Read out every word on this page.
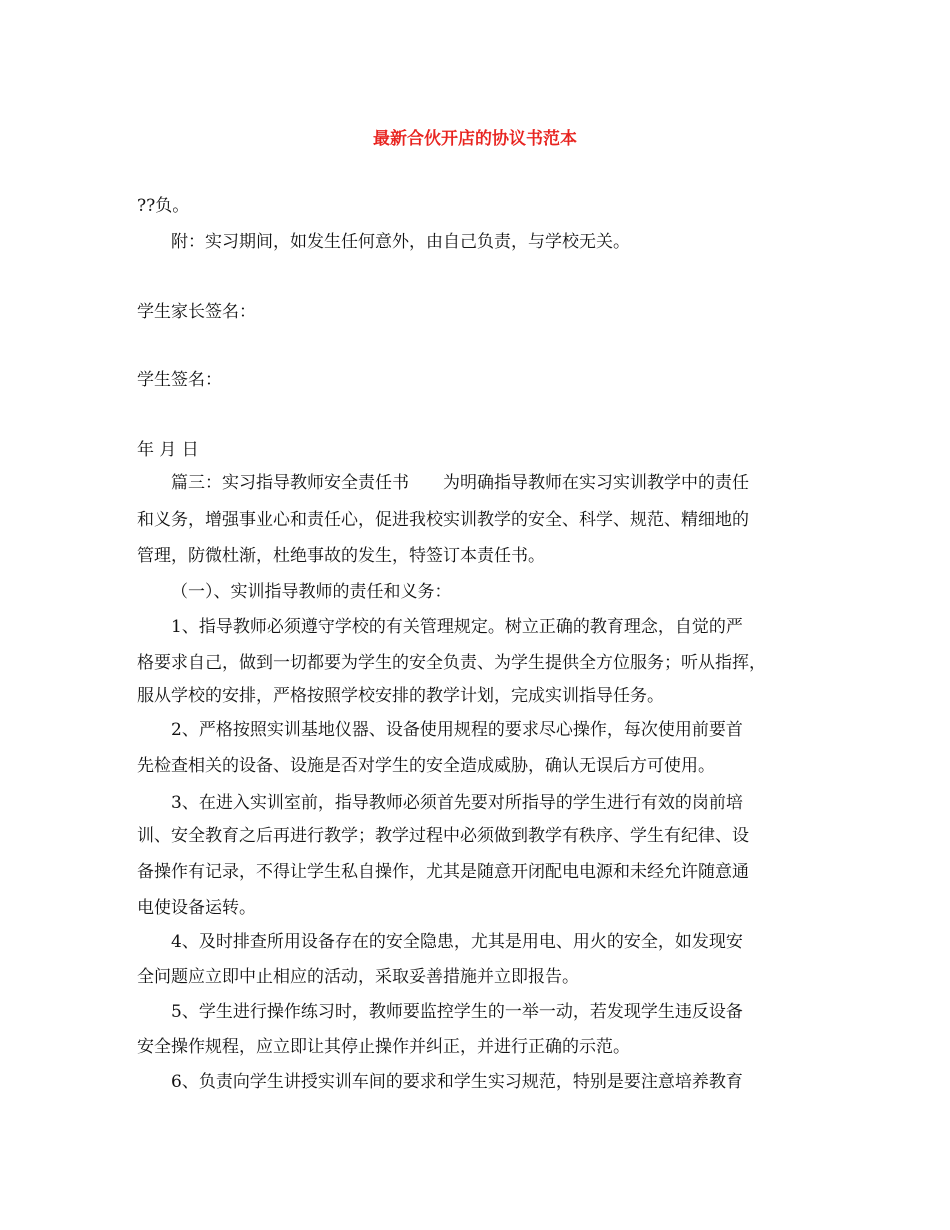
最新合伙开店的协议书范本
??负。
附：实习期间，如发生任何意外，由自己负责，与学校无关。
学生家长签名：
学生签名：
年 月 日
篇三：实习指导教师安全责任书　　为明确指导教师在实习实训教学中的责任
和义务，增强事业心和责任心，促进我校实训教学的安全、科学、规范、精细地的
管理，防微杜渐，杜绝事故的发生，特签订本责任书。
（一）、实训指导教师的责任和义务：
1、指导教师必须遵守学校的有关管理规定。树立正确的教育理念，自觉的严
格要求自己，做到一切都要为学生的安全负责、为学生提供全方位服务；听从指挥，
服从学校的安排，严格按照学校安排的教学计划，完成实训指导任务。
2、严格按照实训基地仪器、设备使用规程的要求尽心操作，每次使用前要首
先检查相关的设备、设施是否对学生的安全造成威胁，确认无误后方可使用。
3、在进入实训室前，指导教师必须首先要对所指导的学生进行有效的岗前培
训、安全教育之后再进行教学；教学过程中必须做到教学有秩序、学生有纪律、设
备操作有记录，不得让学生私自操作，尤其是随意开闭配电电源和未经允许随意通
电使设备运转。
4、及时排查所用设备存在的安全隐患，尤其是用电、用火的安全，如发现安
全问题应立即中止相应的活动，采取妥善措施并立即报告。
5、学生进行操作练习时，教师要监控学生的一举一动，若发现学生违反设备
安全操作规程，应立即让其停止操作并纠正，并进行正确的示范。
6、负责向学生讲授实训车间的要求和学生实习规范，特别是要注意培养教育
